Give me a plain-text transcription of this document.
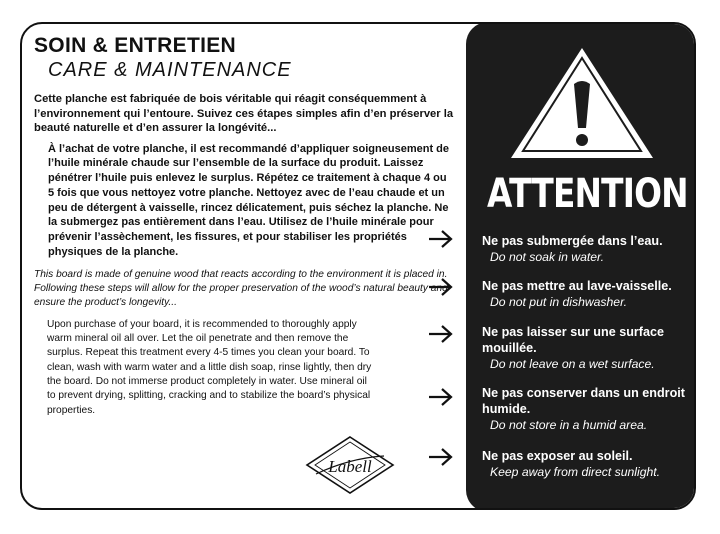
SOIN & ENTRETIEN
CARE & MAINTENANCE
Cette planche est fabriquée de bois véritable qui réagit conséquemment à l’environnement qui l’entoure. Suivez ces étapes simples afin d’en préserver la beauté naturelle et d’en assurer la longévité...
À l’achat de votre planche, il est recommandé d’appliquer soigneusement de l’huile minérale chaude sur l’ensemble de la surface du produit. Laissez pénétrer l’huile puis enlevez le surplus. Répétez ce traitement à chaque 4 ou 5 fois que vous nettoyez votre planche. Nettoyez avec de l’eau chaude et un peu de détergent à vaisselle, rincez délicatement, puis séchez la planche. Ne la submergez pas entièrement dans l’eau. Utilisez de l’huile minérale pour prévenir l’assèchement, les fissures, et pour stabiliser les propriétés physiques de la planche.
This board is made of genuine wood that reacts according to the environment it is placed in. Following these steps will allow for the proper preservation of the wood’s natural beauty and ensure the product’s longevity...
Upon purchase of your board, it is recommended to thoroughly apply warm mineral oil all over. Let the oil penetrate and then remove the surplus. Repeat this treatment every 4-5 times you clean your board. To clean, wash with warm water and a little dish soap, rinse lightly, then dry the board. Do not immerse product completely in water. Use mineral oil to prevent drying, splitting, cracking and to stabilize the board’s physical properties.
Labell
ATTENTION
Ne pas submergée dans l’eau.
Do not soak in water.
Ne pas mettre au lave-vaisselle.
Do not put in dishwasher.
Ne pas laisser sur une surface mouillée.
Do not leave on a wet surface.
Ne pas conserver dans un endroit humide.
Do not store in a humid area.
Ne pas exposer au soleil.
Keep away from direct sunlight.
